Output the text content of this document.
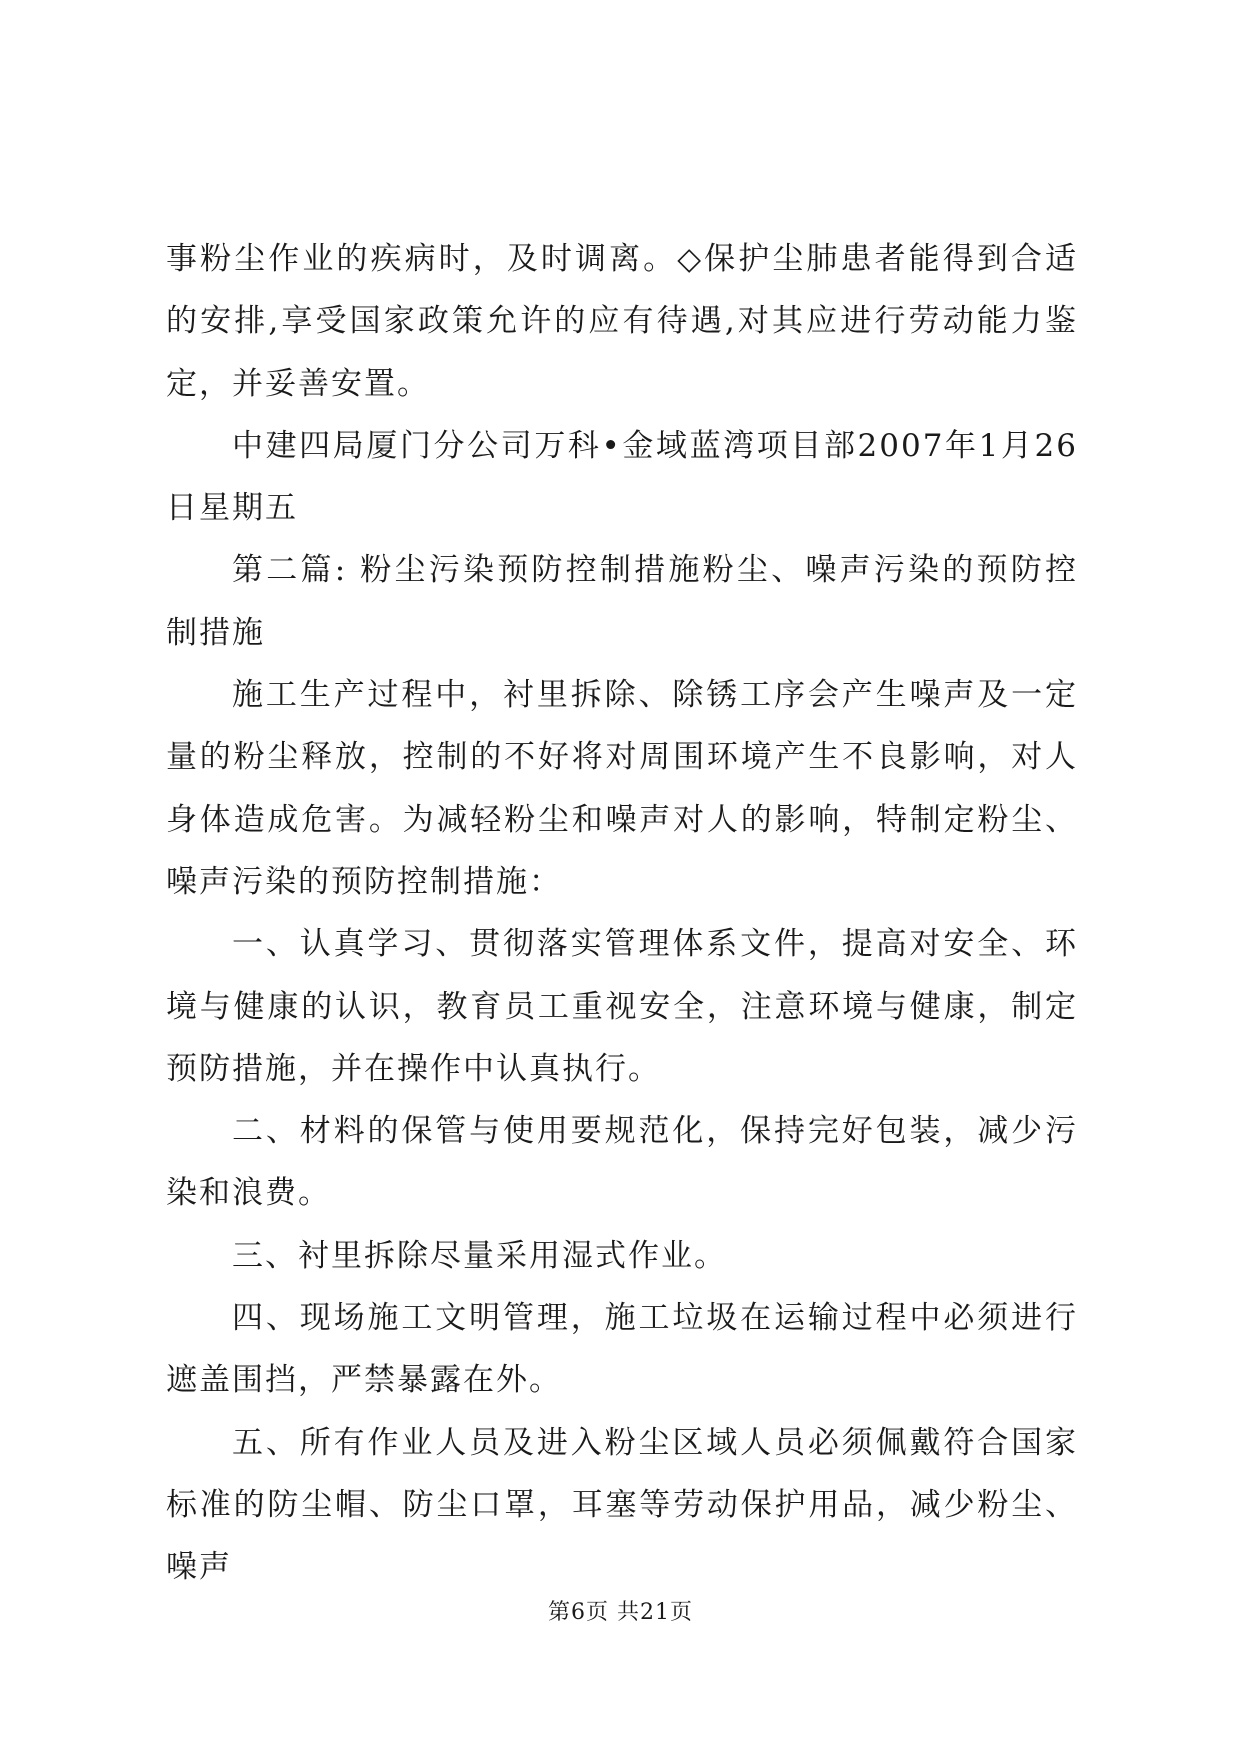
事粉尘作业的疾病时，及时调离。◇保护尘肺患者能得到合适的安排,享受国家政策允许的应有待遇,对其应进行劳动能力鉴定，并妥善安置。

中建四局厦门分公司万科•金域蓝湾项目部2007年1月26日星期五

第二篇: 粉尘污染预防控制措施粉尘、噪声污染的预防控制措施

施工生产过程中，衬里拆除、除锈工序会产生噪声及一定量的粉尘释放，控制的不好将对周围环境产生不良影响，对人身体造成危害。为减轻粉尘和噪声对人的影响，特制定粉尘、噪声污染的预防控制措施：

一、认真学习、贯彻落实管理体系文件，提高对安全、环境与健康的认识，教育员工重视安全，注意环境与健康，制定预防措施，并在操作中认真执行。

二、材料的保管与使用要规范化，保持完好包装，减少污染和浪费。

三、衬里拆除尽量采用湿式作业。

四、现场施工文明管理，施工垃圾在运输过程中必须进行遮盖围挡，严禁暴露在外。

五、所有作业人员及进入粉尘区域人员必须佩戴符合国家标准的防尘帽、防尘口罩，耳塞等劳动保护用品，减少粉尘、噪声

第6页 共21页
